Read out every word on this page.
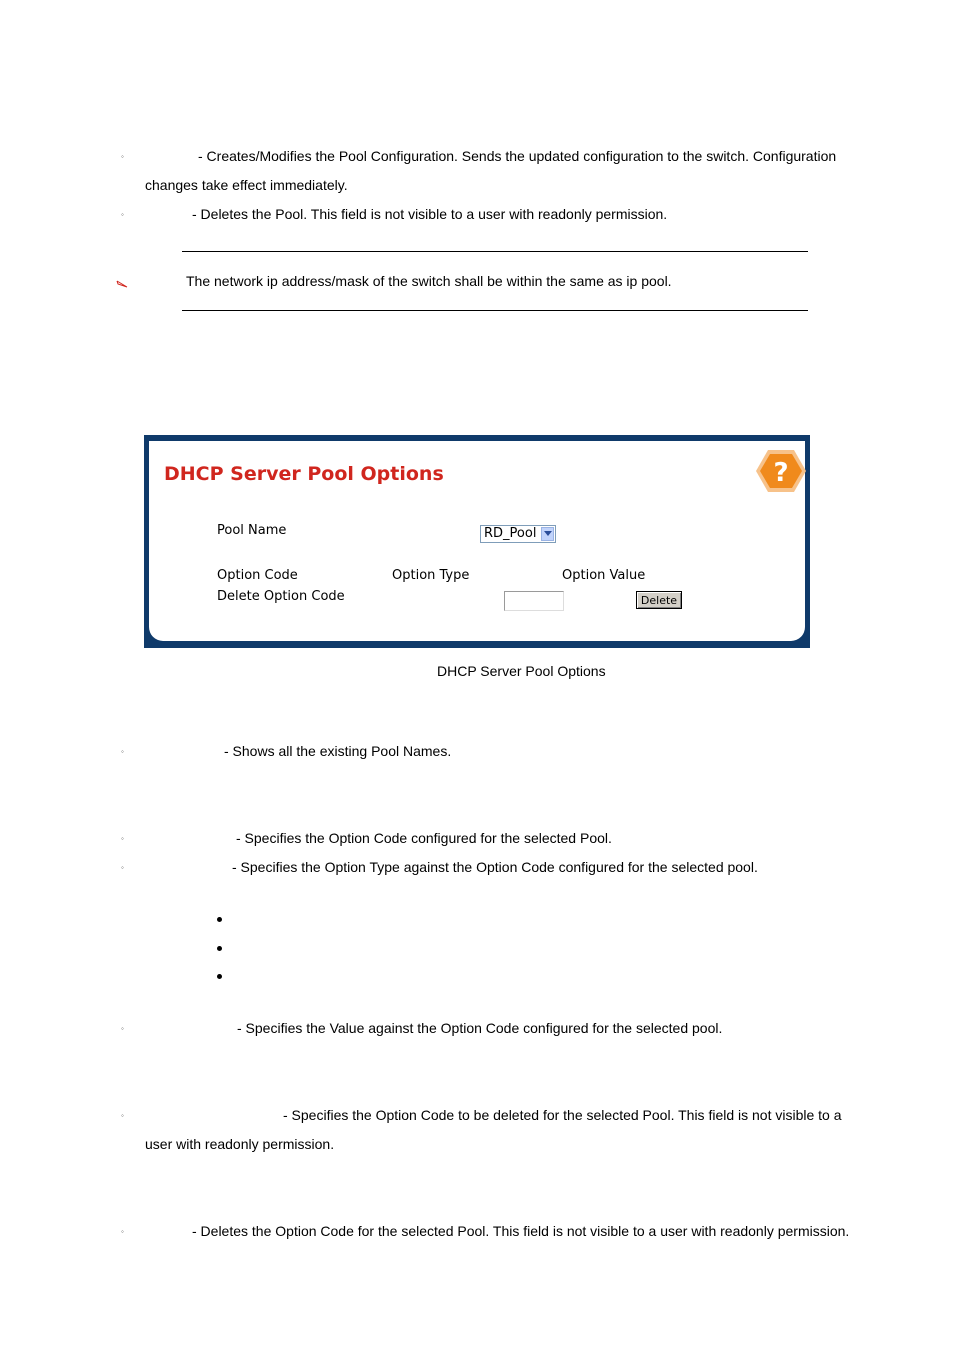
◦	- Creates/Modifies the Pool Configuration. Sends the updated configuration to the switch. Configuration
changes take effect immediately.
◦	- Deletes the Pool. This field is not visible to a user with readonly permission.
The network ip address/mask of the switch shall be within the same as ip pool.
DHCP Server Pool Options	?
Pool Name	RD_Pool
Option Code	Option Type	Option Value
Delete Option Code	Delete
DHCP Server Pool Options
◦	- Shows all the existing Pool Names.
◦	- Specifies the Option Code configured for the selected Pool.
◦	- Specifies the Option Type against the Option Code configured for the selected pool.
◦	- Specifies the Value against the Option Code configured for the selected pool.
◦	- Specifies the Option Code to be deleted for the selected Pool. This field is not visible to a
user with readonly permission.
◦	- Deletes the Option Code for the selected Pool. This field is not visible to a user with readonly permission.
